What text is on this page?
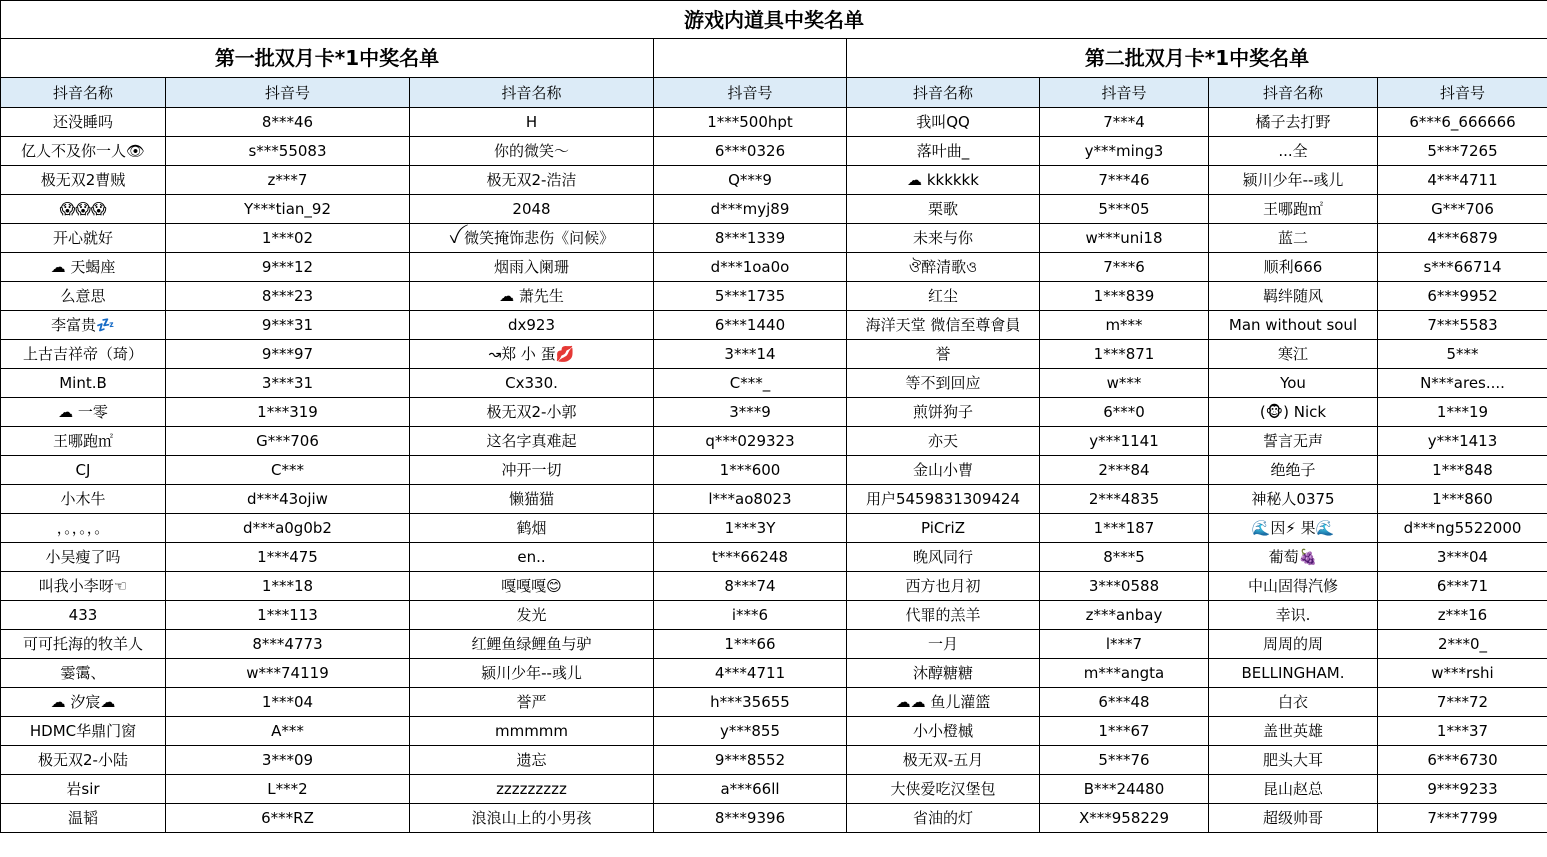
游戏内道具中奖名单							
第一批双月卡*1中奖名单				第二批双月卡*1中奖名单			
抖音名称	抖音号	抖音名称	抖音号	抖音名称	抖音号	抖音名称	抖音号
还没睡吗	8***46	H	1***500hpt	我叫QQ	7***4	橘子去打野	6***6_666666
亿人不及你一人👁	s***55083	你的微笑～	6***0326	落叶曲_	y***ming3	...全	5***7265
极无双2曹贼	z***7	极无双2-浩洁	Q***9	☁ kkkkkk	7***46	颍川少年--彧儿	4***4711
😱😱😱	Y***tian_92	2048	d***myj89	栗歌	5***05	王哪跑㎡	G***706
开心就好	1***02	ꪜ 微笑掩饰悲伤《问候》	8***1339	未来与你	w***uni18	蓝二	4***6879
☁ 天蝎座	9***12	烟雨入阑珊	d***1oa0o	ঔ醉清歌ও	7***6	顺利666	s***66714
么意思	8***23	☁ 萧先生	5***1735	红尘	1***839	羁绊随风	6***9952
李富贵💤	9***31	dx923	6***1440	海洋天堂 微信至尊會員	m***	Man without soul	7***5583
上古吉祥帝（琦）	9***97	↝郑 小 蛋💋	3***14	誉	1***871	寒江	5***
Mint.B	3***31	Cx330.	C***_	等不到回应	w***	You	N***ares....
☁ 一零	1***319	极无双2-小郭	3***9	煎饼狗子	6***0	(🐵) Nick	1***19
王哪跑㎡	G***706	这名字真难起	q***029323	亦天	y***1141	誓言无声	y***1413
CJ	C***	冲开一切	1***600	金山小曹	2***84	绝绝子	1***848
小木牛	d***43ojiw	懒猫猫	l***ao8023	用户5459831309424	2***4835	神秘人0375	1***860
，。，。，。	d***a0g0b2	鹤烟	1***3Y	PiCriZ	1***187	🌊因⚡ 果🌊	d***ng5522000
小吴瘦了吗	1***475	en..	t***66248	晚风同行	8***5	葡萄🍇	3***04
叫我小李呀☜	1***18	嘎嘎嘎😊	8***74	西方也月初	3***0588	中山固得汽修	6***71
433	1***113	发光	i***6	代罪的羔羊	z***anbay	幸识.	z***16
可可托海的牧羊人	8***4773	红鲤鱼绿鲤鱼与驴	1***66	一月	l***7	周周的周	2***0_
霎霭、	w***74119	颍川少年--彧儿	4***4711	沐醇糖糖	m***angta	BELLINGHAM.	w***rshi
☁ 汐宸☁	1***04	誉严	h***35655	☁☁ 鱼儿灌篮	6***48	白衣	7***72
HDMC华鼎门窗	A***	mmmmm	y***855	小小橙槭	1***67	盖世英雄	1***37
极无双2-小陆	3***09	遗忘	9***8552	极无双-五月	5***76	肥头大耳	6***6730
岩sir	L***2	zzzzzzzzz	a***66ll	大侠爱吃汉堡包	B***24480	昆山赵总	9***9233
温韬	6***RZ	浪浪山上的小男孩	8***9396	省油的灯	X***958229	超级帅哥	7***7799
